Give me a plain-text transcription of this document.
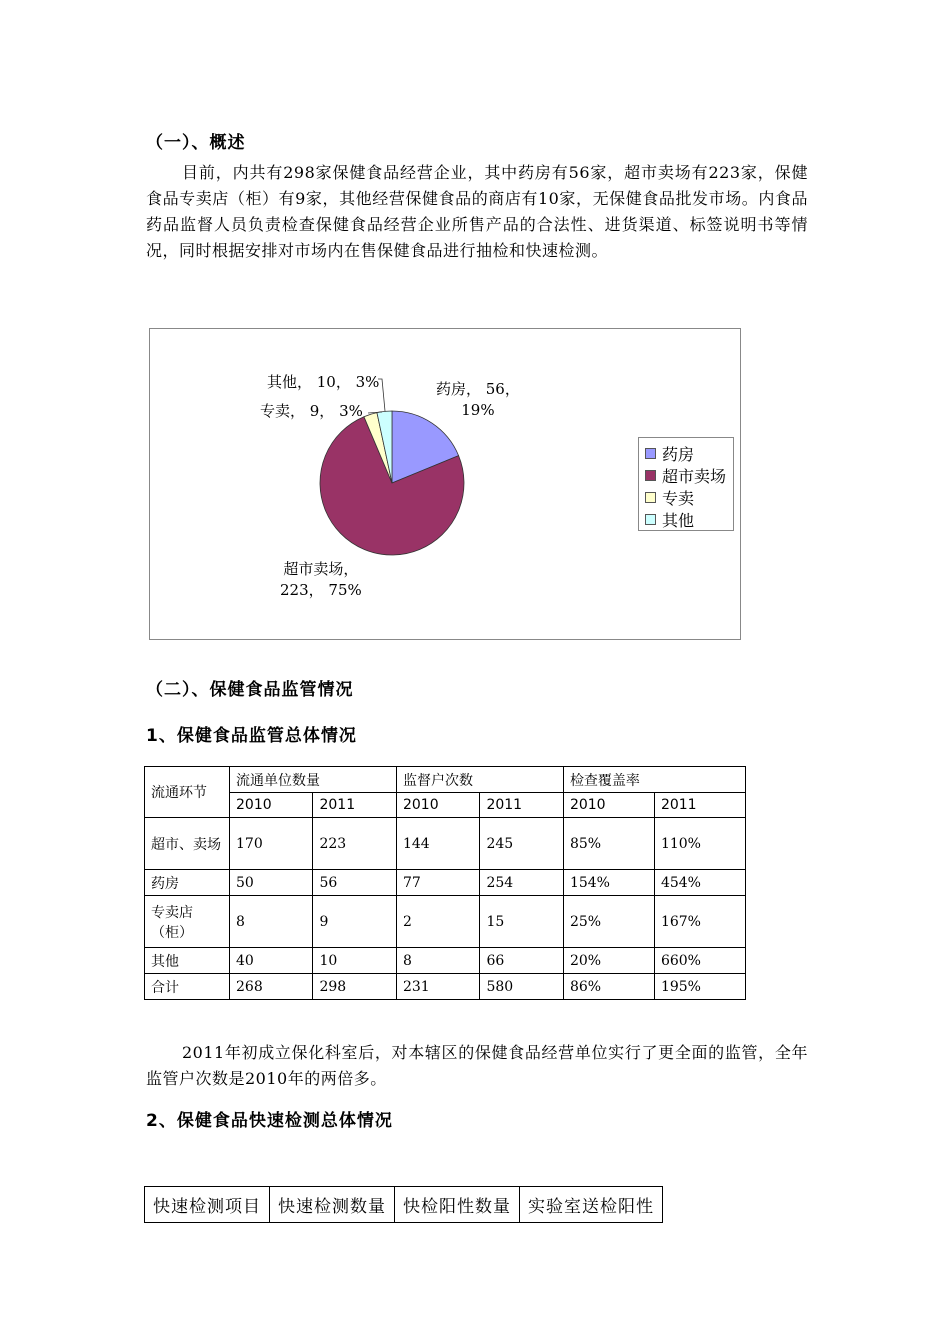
（一）、概述

目前，内共有298家保健食品经营企业，其中药房有56家，超市卖场有223家，保健食品专卖店（柜）有9家，其他经营保健食品的商店有10家，无保健食品批发市场。内食品药品监督人员负责检查保健食品经营企业所售产品的合法性、进货渠道、标签说明书等情况，同时根据安排对市场内在售保健食品进行抽检和快速检测。

药房， 56，
19%
超市卖场，
223， 75%
专卖， 9， 3%
其他， 10， 3%
药房
超市卖场
专卖
其他
（二）、保健食品监管情况
1、保健食品监管总体情况
流通环节	流通单位数量		监督户次数		检查覆盖率	
	2010	2011	2010	2011	2010	2011
超市、卖场	170	223	144	245	85%	110%
药房	50	56	77	254	154%	454%
专卖店（柜）	8	9	2	15	25%	167%
其他	40	10	8	66	20%	660%
合计	268	298	231	580	86%	195%

2011年初成立保化科室后，对本辖区的保健食品经营单位实行了更全面的监管，全年监管户次数是2010年的两倍多。

2、保健食品快速检测总体情况
快速检测项目	快速检测数量	快检阳性数量	实验室送检阳性
